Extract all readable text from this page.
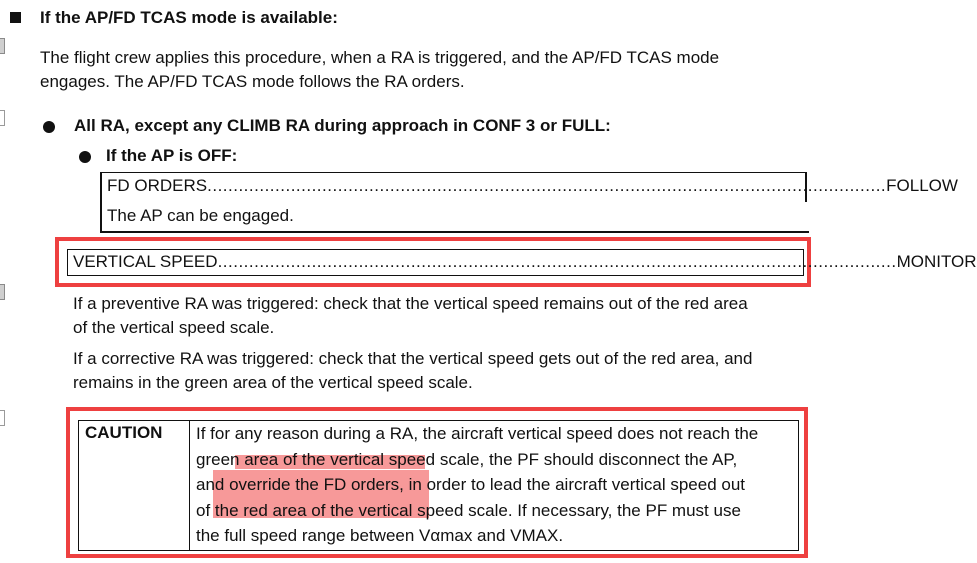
If the AP/FD TCAS mode is available:
The flight crew applies this procedure, when a RA is triggered, and the AP/FD TCAS mode
engages. The AP/FD TCAS mode follows the RA orders.
All RA, except any CLIMB RA during approach in CONF 3 or FULL:
If the AP is OFF:
FD ORDERS .................................................................................................................................. FOLLOW
The AP can be engaged.
VERTICAL SPEED .................................................................................................................................. MONITOR
If a preventive RA was triggered: check that the vertical speed remains out of the red area
of the vertical speed scale.
If a corrective RA was triggered: check that the vertical speed gets out of the red area, and
remains in the green area of the vertical speed scale.
CAUTION If for any reason during a RA, the aircraft vertical speed does not reach the
green area of the vertical speed scale, the PF should disconnect the AP,
and override the FD orders, in order to lead the aircraft vertical speed out
of the red area of the vertical speed scale. If necessary, the PF must use
the full speed range between Vαmax and VMAX.
